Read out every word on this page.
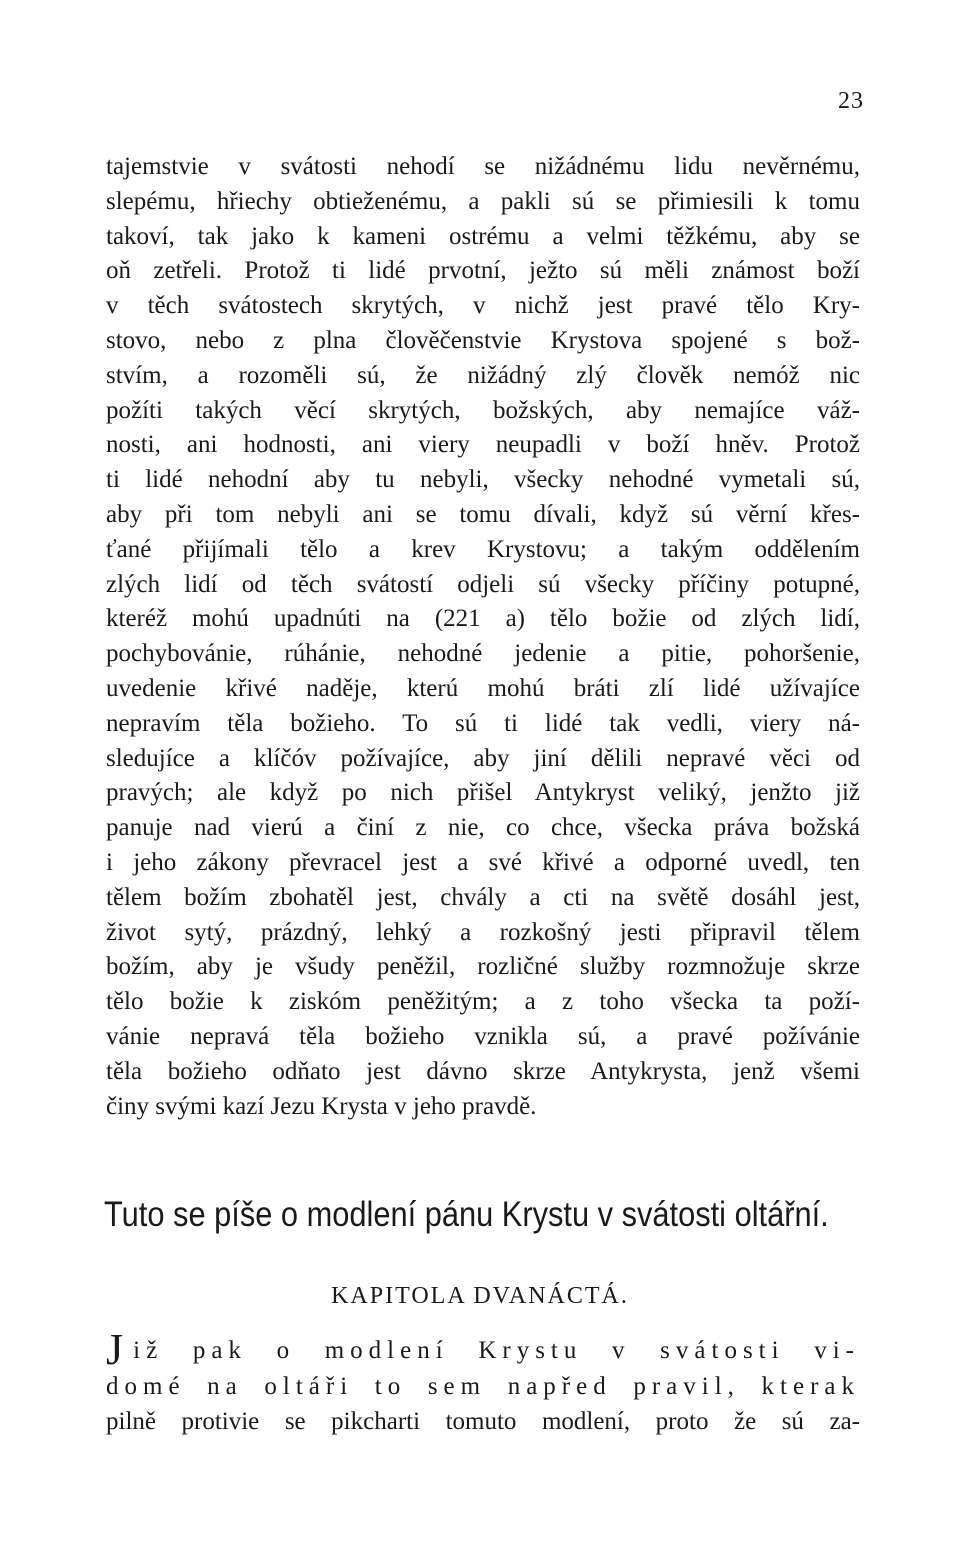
23
tajemstvie v svátosti nehodí se nižádnému lidu nevěrnému,
slepému, hřiechy obtieženému, a pakli sú se přimiesili k tomu
takoví, tak jako k kameni ostrému a velmi těžkému, aby se
oň zetřeli. Protož ti lidé prvotní, ježto sú měli známost boží
v těch svátostech skrytých, v nichž jest pravé tělo Kry-
stovo, nebo z plna člověčenstvie Krystova spojené s bož-
stvím, a rozoměli sú, že nižádný zlý člověk nemóž nic
požíti takých věcí skrytých, božských, aby nemajíce váž-
nosti, ani hodnosti, ani viery neupadli v boží hněv. Protož
ti lidé nehodní aby tu nebyli, všecky nehodné vymetali sú,
aby při tom nebyli ani se tomu dívali, když sú věrní křes-
ťané přijímali tělo a krev Krystovu; a takým oddělením
zlých lidí od těch svátostí odjeli sú všecky příčiny potupné,
kteréž mohú upadnúti na (221 a) tělo božie od zlých lidí,
pochybovánie, rúhánie, nehodné jedenie a pitie, pohoršenie,
uvedenie křivé naděje, kterú mohú bráti zlí lidé užívajíce
nepravím těla božieho. To sú ti lidé tak vedli, viery ná-
sledujíce a klíčóv požívajíce, aby jiní dělili nepravé věci od
pravých; ale když po nich přišel Antykryst veliký, jenžto již
panuje nad vierú a činí z nie, co chce, všecka práva božská
i jeho zákony převracel jest a své křivé a odporné uvedl, ten
tělem božím zbohatěl jest, chvály a cti na světě dosáhl jest,
život sytý, prázdný, lehký a rozkošný jesti připravil tělem
božím, aby je všudy peněžil, rozličné služby rozmnožuje skrze
tělo božie k ziskóm peněžitým; a z toho všecka ta poží-
vánie nepravá těla božieho vznikla sú, a pravé požívánie
těla božieho odňato jest dávno skrze Antykrysta, jenž všemi
činy svými kazí Jezu Krysta v jeho pravdě.
Tuto se píše o modlení pánu Krystu v svátosti oltářní.
KAPITOLA DVANÁCTÁ.
Již pak o modlení Krystu v svátosti vi-
domé na oltáři to sem napřed pravil, kterak
pilně protivie se pikcharti tomuto modlení, proto že sú za-
